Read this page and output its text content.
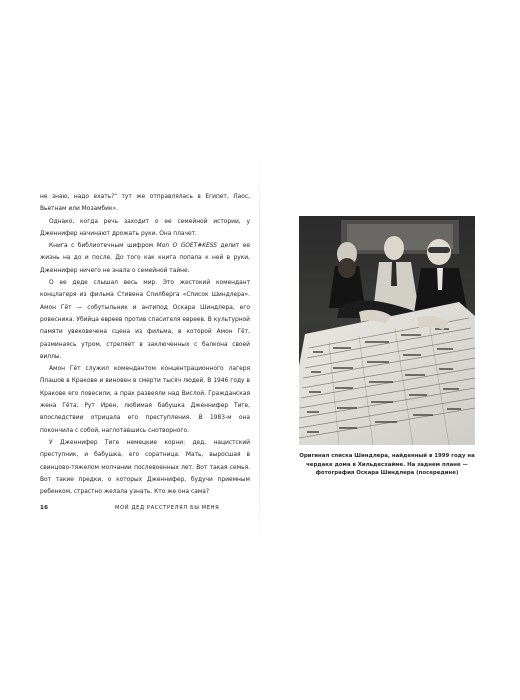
не знаю, надо ехать?" тут же отправлялась в Египет, Лаос, Вьетнам или Мозамбик».

Однако, когда речь заходит о ее семейной истории, у Дженнифер начинают дрожать руки. Она плачет.

Книга с библиотечным шифром Mon O GOET#KESS делит ее жизнь на до и после. До того как книга попала к ней в руки, Дженнифер ничего не знала о семейной тайне.

О ее деде слышал весь мир. Это жестокий комендант концлагеря из фильма Стивена Спилберга «Список Шиндлера». Амон Гёт — собутыльник и антипод Оскара Шиндлера, его ровесника. Убийца евреев против спасителя евреев. В культурной памяти увековечена сцена из фильма, в которой Амон Гёт, разминаясь утром, стреляет в заключенных с балкона своей виллы.

Амон Гёт служил комендантом концентрационного лагеря Плашов в Кракове и виновен в смерти тысяч людей. В 1946 году в Кракове его повесили, а прах развеяли над Вислой. Гражданская жена Гёта, Рут Ирен, любимая бабушка Дженнифер Тиге, впоследствии отрицала его преступления. В 1983-м она покончила с собой, наглотавшись снотворного.

У Дженнифер Тиге немецкие корни: дед, нацистский преступник, и бабушка, его соратница. Мать, выросшая в свинцово-тяжелом молчании послевоенных лет. Вот такая семья. Вот такие предки, о которых Дженнифер, будучи приемным ребенком, страстно желала узнать. Кто же она сама?

16	МОЙ ДЕД РАССТРЕЛЯЛ БЫ МЕНЯ
Оригинал списка Шиндлера, найденный в 1999 году на чердаке дома в Хильдесхайме. На заднем плане — фотография Оскара Шиндлера (посередине)
